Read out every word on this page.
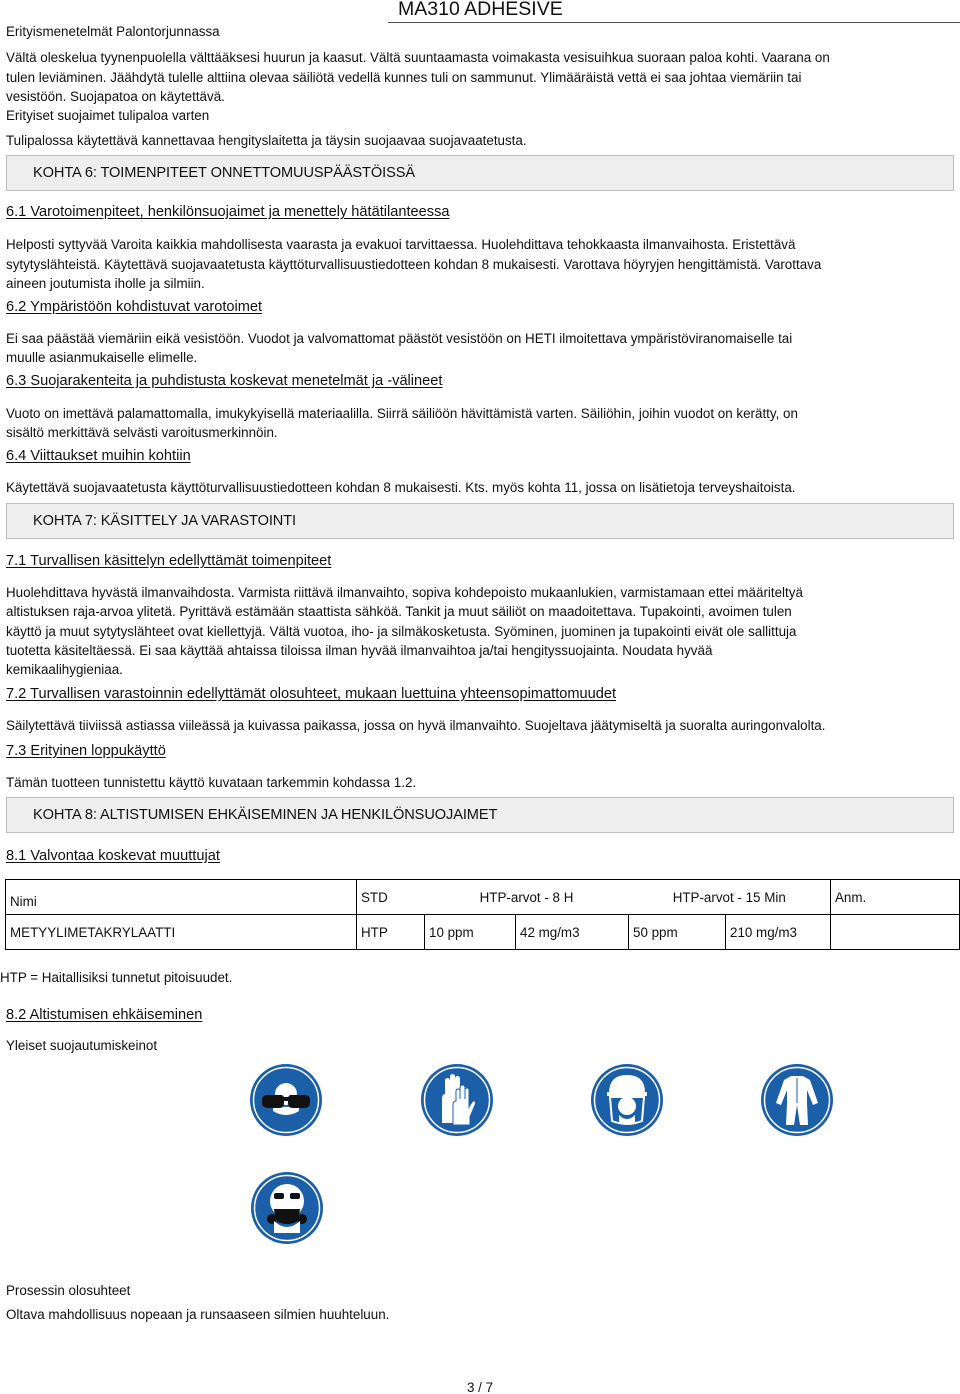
Erityismenetelmät Palontorjunnassa
MA310 ADHESIVE
Vältä oleskelua tyynenpuolella välttääksesi huurun ja kaasut. Vältä suuntaamasta voimakasta vesisuihkua suoraan paloa kohti. Vaarana on
tulen leviäminen. Jäähdytä tulelle alttiina olevaa säiliötä vedellä kunnes tuli on sammunut. Ylimääräistä vettä ei saa johtaa viemäriin tai
vesistöön. Suojapatoa on käytettävä.
Erityiset suojaimet tulipaloa varten
Tulipalossa käytettävä kannettavaa hengityslaitetta ja täysin suojaavaa suojavaatetusta.
KOHTA 6: TOIMENPITEET ONNETTOMUUSPÄÄSTÖISSÄ
6.1 Varotoimenpiteet, henkilönsuojaimet ja menettely hätätilanteessa
Helposti syttyvää Varoita kaikkia mahdollisesta vaarasta ja evakuoi tarvittaessa. Huolehdittava tehokkaasta ilmanvaihosta. Eristettävä
sytytyslähteistä. Käytettävä suojavaatetusta käyttöturvallisuustiedotteen kohdan 8 mukaisesti. Varottava höyryjen hengittämistä. Varottava
aineen joutumista iholle ja silmiin.
6.2 Ympäristöön kohdistuvat varotoimet
Ei saa päästää viemäriin eikä vesistöön. Vuodot ja valvomattomat päästöt vesistöön on HETI ilmoitettava ympäristöviranomaiselle tai
muulle asianmukaiselle elimelle.
6.3 Suojarakenteita ja puhdistusta koskevat menetelmät ja -välineet
Vuoto on imettävä palamattomalla, imukykyisellä materiaalilla. Siirrä säiliöön hävittämistä varten. Säiliöhin, joihin vuodot on kerätty, on
sisältö merkittävä selvästi varoitusmerkinnöin.
6.4 Viittaukset muihin kohtiin
Käytettävä suojavaatetusta käyttöturvallisuustiedotteen kohdan 8 mukaisesti. Kts. myös kohta 11, jossa on lisätietoja terveyshaitoista.
KOHTA 7: KÄSITTELY JA VARASTOINTI
7.1 Turvallisen käsittelyn edellyttämät toimenpiteet
Huolehdittava hyvästä ilmanvaihdosta. Varmista riittävä ilmanvaihto, sopiva kohdepoisto mukaanlukien, varmistamaan ettei määriteltyä
altistuksen raja-arvoa ylitetä. Pyrittävä estämään staattista sähköä. Tankit ja muut säiliöt on maadoitettava. Tupakointi, avoimen tulen
käyttö ja muut sytytyslähteet ovat kiellettyjä. Vältä vuotoa, iho- ja silmäkosketusta. Syöminen, juominen ja tupakointi eivät ole sallittuja
tuotetta käsiteltäessä. Ei saa käyttää ahtaissa tiloissa ilman hyvää ilmanvaihtoa ja/tai hengityssuojainta. Noudata hyvää
kemikaalihygieniaa.
7.2 Turvallisen varastoinnin edellyttämät olosuhteet, mukaan luettuina yhteensopimattomuudet
Säilytettävä tiiviissä astiassa viileässä ja kuivassa paikassa, jossa on hyvä ilmanvaihto. Suojeltava jäätymiseltä ja suoralta auringonvalolta.
7.3 Erityinen loppukäyttö
Tämän tuotteen tunnistettu käyttö kuvataan tarkemmin kohdassa 1.2.
KOHTA 8: ALTISTUMISEN EHKÄISEMINEN JA HENKILÖNSUOJAIMET
8.1 Valvontaa koskevat muuttujat
Nimi	STD	HTP-arvot - 8 H		HTP-arvot - 15 Min		Anm.
METYYLIMETAKRYLAATTI	HTP	10 ppm	42 mg/m3	50 ppm	210 mg/m3	
HTP = Haitallisiksi tunnetut pitoisuudet.
8.2 Altistumisen ehkäiseminen
Yleiset suojautumiskeinot
Prosessin olosuhteet
Oltava mahdollisuus nopeaan ja runsaaseen silmien huuhteluun.
3 / 7
